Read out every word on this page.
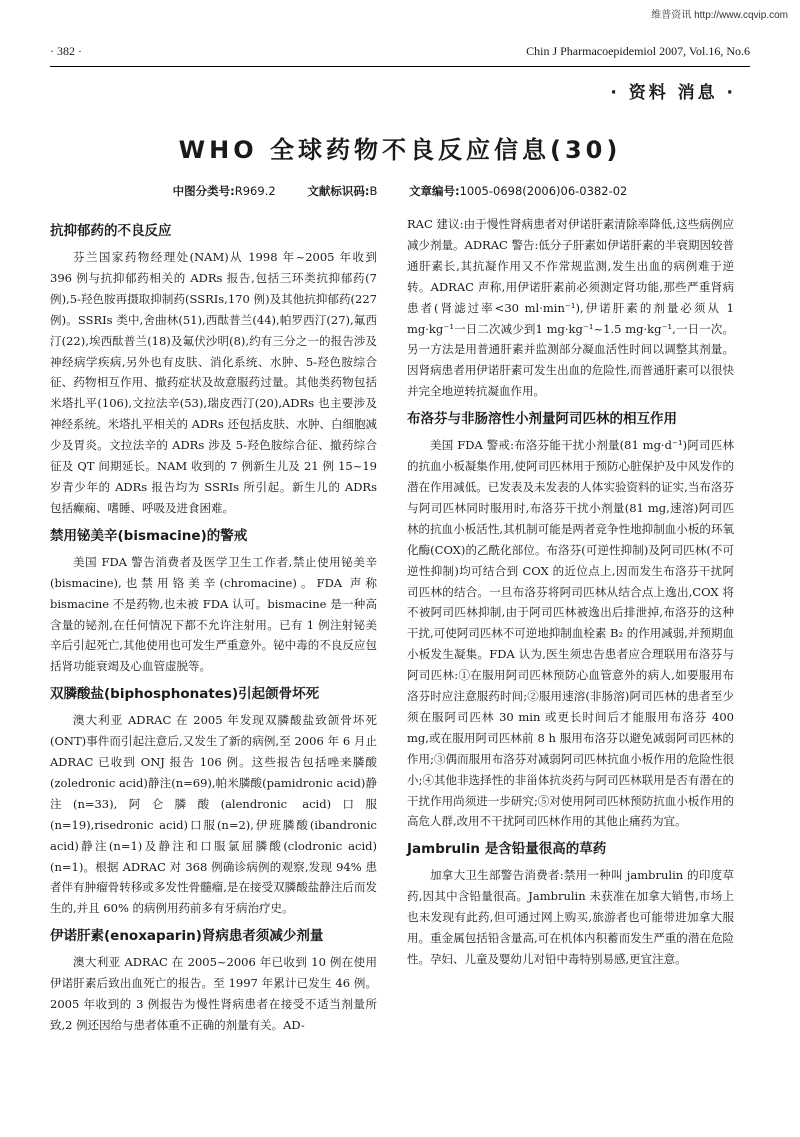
维普资讯 http://www.cqvip.com
· 382 ·	Chin J Pharmacoepidemiol 2007, Vol.16, No.6
· 资料 消息 ·
WHO 全球药物不良反应信息(30)
中图分类号:R969.2	文献标识码:B	文章编号:1005-0698(2006)06-0382-02
抗抑郁药的不良反应

芬兰国家药物经理处(NAM)从 1998 年~2005 年收到 396 例与抗抑郁药相关的 ADRs 报告,包括三环类抗抑郁药(7 例),5-羟色胺再摄取抑制药(SSRIs,170 例)及其他抗抑郁药(227 例)。SSRIs 类中,舍曲林(51),西酞普兰(44),帕罗西汀(27),氟西汀(22),埃西酞普兰(18)及氟伏沙明(8),约有三分之一的报告涉及神经病学疾病,另外也有皮肤、消化系统、水肿、5-羟色胺综合征、药物相互作用、撤药症状及故意服药过量。其他类药物包括米塔扎平(106),文拉法辛(53),瑞皮西汀(20),ADRs 也主要涉及神经系统。米塔扎平相关的 ADRs 还包括皮肤、水肿、白细胞减少及胃炎。文拉法辛的 ADRs 涉及 5-羟色胺综合征、撤药综合征及 QT 间期延长。NAM 收到的 7 例新生儿及 21 例 15~19 岁青少年的 ADRs 报告均为 SSRIs 所引起。新生儿的 ADRs 包括癫痫、嗜睡、呼吸及进食困难。

禁用铋美辛(bismacine)的警戒

美国 FDA 警告消费者及医学卫生工作者,禁止使用铋美辛(bismacine),也禁用铬美辛(chromacine)。FDA 声称 bismacine 不是药物,也未被 FDA 认可。bismacine 是一种高含量的铋剂,在任何情况下都不允许注射用。已有 1 例注射铋美辛后引起死亡,其他使用也可发生严重意外。铋中毒的不良反应包括肾功能衰竭及心血管虚脱等。

双膦酸盐(biphosphonates)引起颌骨坏死

澳大利亚 ADRAC 在 2005 年发现双膦酸盐致颌骨坏死(ONT)事件而引起注意后,又发生了新的病例,至 2006 年 6 月止 ADRAC 已收到 ONJ 报告 106 例。这些报告包括唑来膦酸(zoledronic acid)静注(n=69),帕米膦酸(pamidronic acid)静注(n=33),阿仑膦酸(alendronic acid)口服(n=19),risedronic acid)口服(n=2),伊班膦酸(ibandronic acid)静注(n=1)及静注和口服氯屈膦酸(clodronic acid)(n=1)。根据 ADRAC 对 368 例确诊病例的观察,发现 94% 患者伴有肿瘤骨转移或多发性骨髓瘤,是在接受双膦酸盐静注后而发生的,并且 60% 的病例用药前多有牙病治疗史。

伊诺肝素(enoxaparin)肾病患者须减少剂量

澳大利亚 ADRAC 在 2005~2006 年已收到 10 例在使用伊诺肝素后致出血死亡的报告。至 1997 年累计已发生 46 例。2005 年收到的 3 例报告为慢性肾病患者在接受不适当剂量所致,2 例还因给与患者体重不正确的剂量有关。AD-

RAC 建议:由于慢性肾病患者对伊诺肝素清除率降低,这些病例应减少剂量。ADRAC 警告:低分子肝素如伊诺肝素的半衰期因较普通肝素长,其抗凝作用又不作常规监测,发生出血的病例难于逆转。ADRAC 声称,用伊诺肝素前必须测定肾功能,那些严重肾病患者(肾滤过率<30 ml·min⁻¹),伊诺肝素的剂量必须从 1 mg·kg⁻¹一日二次减少到1 mg·kg⁻¹~1.5 mg·kg⁻¹,一日一次。另一方法是用普通肝素并监测部分凝血活性时间以调整其剂量。因肾病患者用伊诺肝素可发生出血的危险性,而普通肝素可以很快并完全地逆转抗凝血作用。

布洛芬与非肠溶性小剂量阿司匹林的相互作用

美国 FDA 警戒:布洛芬能干扰小剂量(81 mg·d⁻¹)阿司匹林的抗血小板凝集作用,使阿司匹林用于预防心脏保护及中风发作的潜在作用减低。已发表及未发表的人体实验资料的证实,当布洛芬与阿司匹林同时服用时,布洛芬干扰小剂量(81 mg,速溶)阿司匹林的抗血小板活性,其机制可能是两者竞争性地抑制血小板的环氧化酶(COX)的乙酰化部位。布洛芬(可逆性抑制)及阿司匹林(不可逆性抑制)均可结合到 COX 的近位点上,因而发生布洛芬干扰阿司匹林的结合。一旦布洛芬将阿司匹林从结合点上逸出,COX 将不被阿司匹林抑制,由于阿司匹林被逸出后排泄掉,布洛芬的这种干扰,可使阿司匹林不可逆地抑制血栓素 B₂ 的作用减弱,并预期血小板发生凝集。FDA 认为,医生须忠告患者应合理联用布洛芬与阿司匹林:①在服用阿司匹林预防心血管意外的病人,如要服用布洛芬时应注意服药时间;②服用速溶(非肠溶)阿司匹林的患者至少须在服阿司匹林 30 min 或更长时间后才能服用布洛芬 400 mg,或在服用阿司匹林前 8 h 服用布洛芬以避免减弱阿司匹林的作用;③偶而服用布洛芬对减弱阿司匹林抗血小板作用的危险性很小;④其他非选择性的非甾体抗炎药与阿司匹林联用是否有潜在的干扰作用尚须进一步研究;⑤对使用阿司匹林预防抗血小板作用的高危人群,改用不干扰阿司匹林作用的其他止痛药为宜。

Jambrulin 是含铅量很高的草药

加拿大卫生部警告消费者:禁用一种叫 jambrulin 的印度草药,因其中含铅量很高。Jambrulin 未获准在加拿大销售,市场上也未发现有此药,但可通过网上购买,旅游者也可能带进加拿大服用。重金属包括铅含量高,可在机体内积蓄而发生严重的潜在危险性。孕妇、儿童及婴幼儿对铅中毒特别易感,更宜注意。
